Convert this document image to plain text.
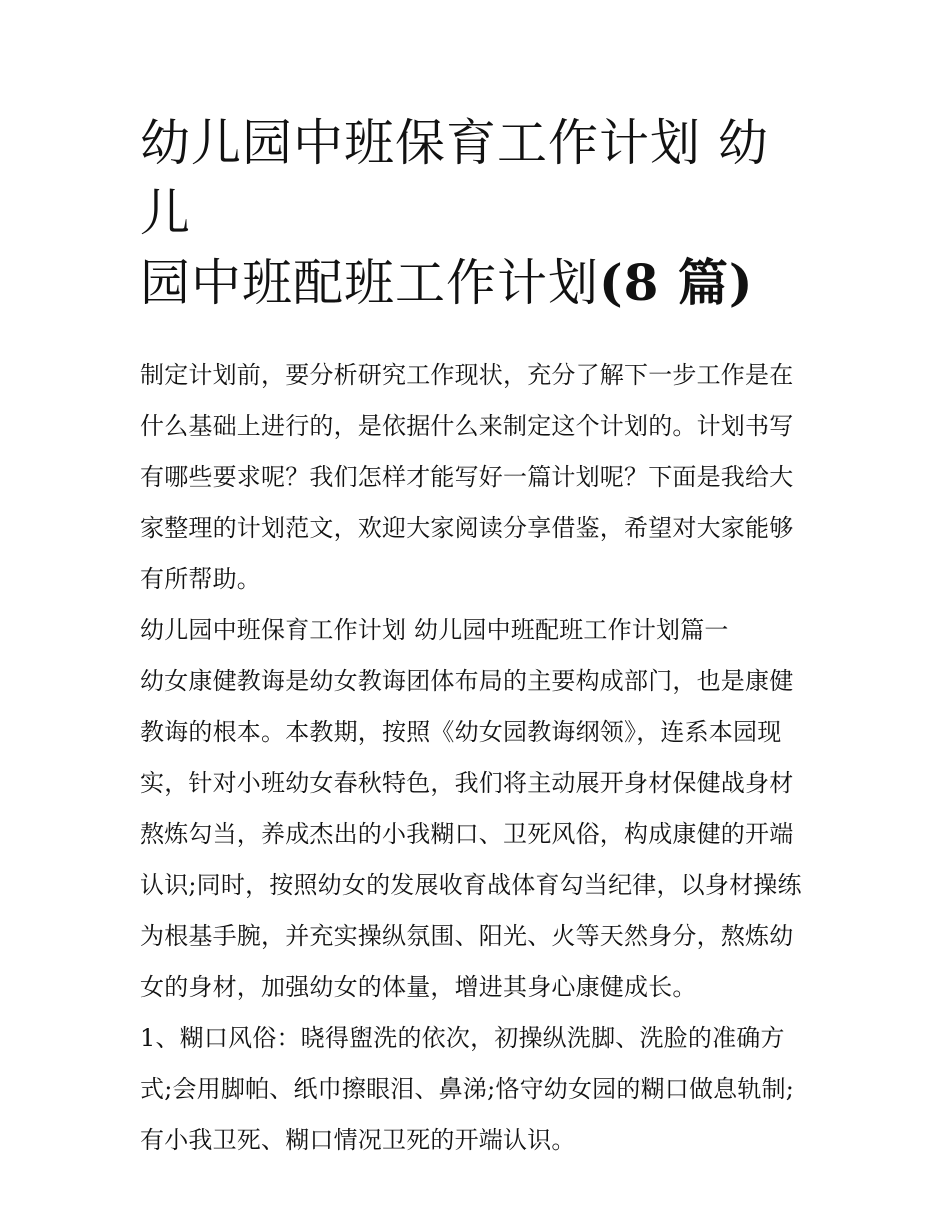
幼儿园中班保育工作计划 幼儿
园中班配班工作计划(8 篇)

制定计划前，要分析研究工作现状，充分了解下一步工作是在什么基础上进行的，是依据什么来制定这个计划的。计划书写有哪些要求呢？我们怎样才能写好一篇计划呢？下面是我给大家整理的计划范文，欢迎大家阅读分享借鉴，希望对大家能够有所帮助。

幼儿园中班保育工作计划 幼儿园中班配班工作计划篇一

幼女康健教诲是幼女教诲团体布局的主要构成部门，也是康健教诲的根本。本教期，按照《幼女园教诲纲领》，连系本园现实，针对小班幼女春秋特色，我们将主动展开身材保健战身材熬炼勾当，养成杰出的小我糊口、卫死风俗，构成康健的开端认识;同时，按照幼女的发展收育战体育勾当纪律，以身材操练为根基手腕，并充实操纵氛围、阳光、火等天然身分，熬炼幼女的身材，加强幼女的体量，增进其身心康健成长。

1、糊口风俗：晓得盥洗的依次，初操纵洗脚、洗脸的准确方式;会用脚帕、纸巾擦眼泪、鼻涕;恪守幼女园的糊口做息轨制;有小我卫死、糊口情况卫死的开端认识。
